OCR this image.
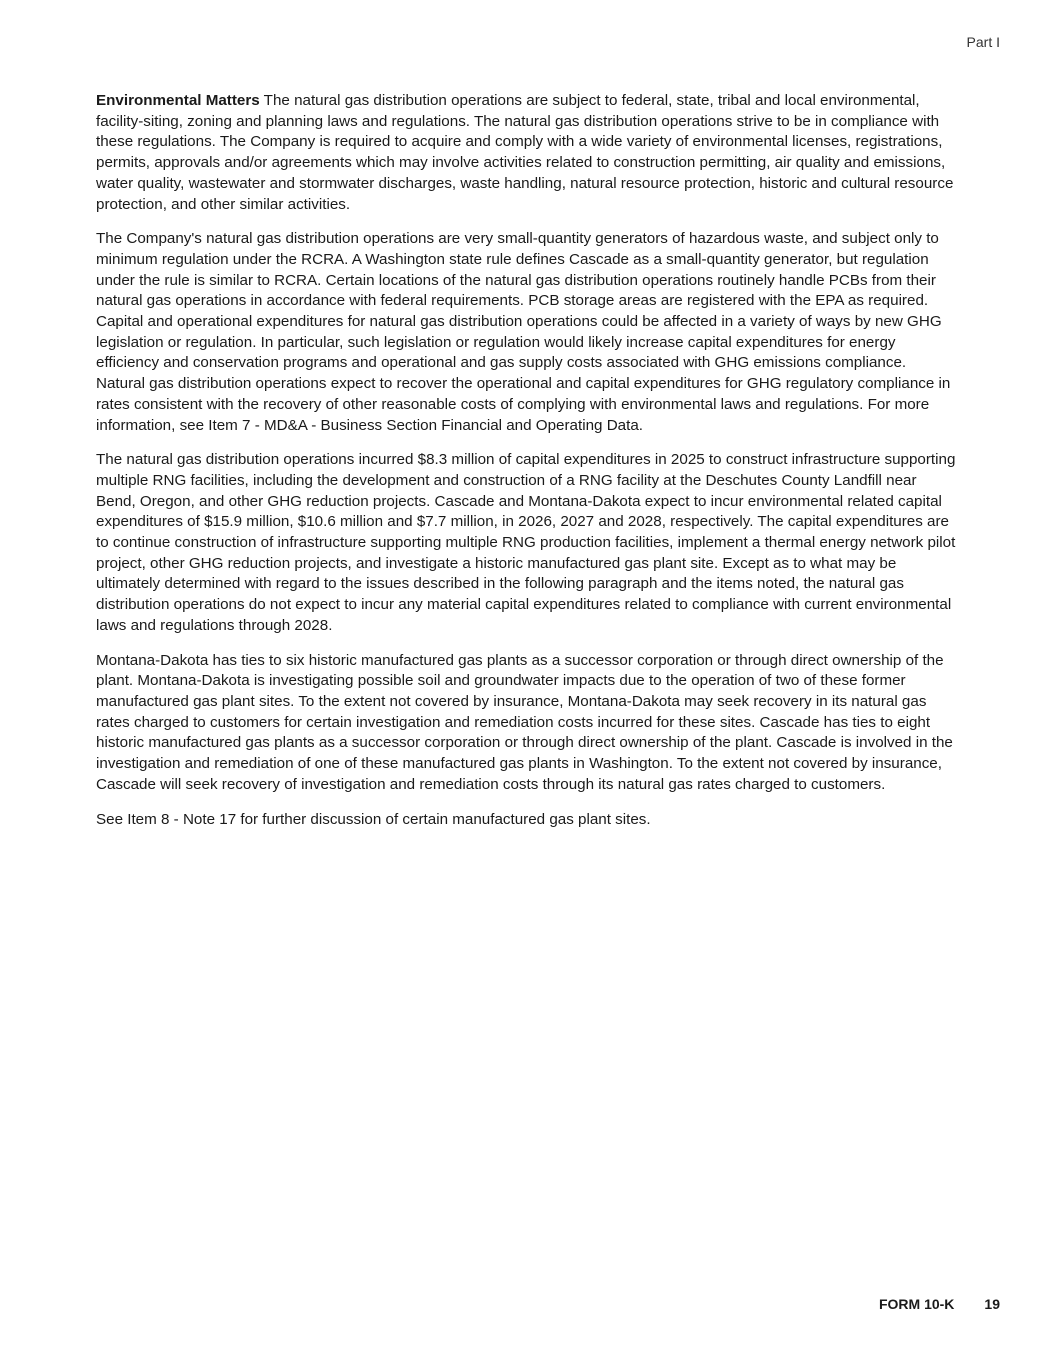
Part I

Environmental Matters The natural gas distribution operations are subject to federal, state, tribal and local environmental, facility-siting, zoning and planning laws and regulations. The natural gas distribution operations strive to be in compliance with these regulations. The Company is required to acquire and comply with a wide variety of environmental licenses, registrations, permits, approvals and/or agreements which may involve activities related to construction permitting, air quality and emissions, water quality, wastewater and stormwater discharges, waste handling, natural resource protection, historic and cultural resource protection, and other similar activities.

The Company's natural gas distribution operations are very small-quantity generators of hazardous waste, and subject only to minimum regulation under the RCRA. A Washington state rule defines Cascade as a small-quantity generator, but regulation under the rule is similar to RCRA. Certain locations of the natural gas distribution operations routinely handle PCBs from their natural gas operations in accordance with federal requirements. PCB storage areas are registered with the EPA as required. Capital and operational expenditures for natural gas distribution operations could be affected in a variety of ways by new GHG legislation or regulation. In particular, such legislation or regulation would likely increase capital expenditures for energy efficiency and conservation programs and operational and gas supply costs associated with GHG emissions compliance. Natural gas distribution operations expect to recover the operational and capital expenditures for GHG regulatory compliance in rates consistent with the recovery of other reasonable costs of complying with environmental laws and regulations. For more information, see Item 7 - MD&A - Business Section Financial and Operating Data.

The natural gas distribution operations incurred $8.3 million of capital expenditures in 2025 to construct infrastructure supporting multiple RNG facilities, including the development and construction of a RNG facility at the Deschutes County Landfill near Bend, Oregon, and other GHG reduction projects. Cascade and Montana-Dakota expect to incur environmental related capital expenditures of $15.9 million, $10.6 million and $7.7 million, in 2026, 2027 and 2028, respectively. The capital expenditures are to continue construction of infrastructure supporting multiple RNG production facilities, implement a thermal energy network pilot project, other GHG reduction projects, and investigate a historic manufactured gas plant site. Except as to what may be ultimately determined with regard to the issues described in the following paragraph and the items noted, the natural gas distribution operations do not expect to incur any material capital expenditures related to compliance with current environmental laws and regulations through 2028.

Montana-Dakota has ties to six historic manufactured gas plants as a successor corporation or through direct ownership of the plant. Montana-Dakota is investigating possible soil and groundwater impacts due to the operation of two of these former manufactured gas plant sites. To the extent not covered by insurance, Montana-Dakota may seek recovery in its natural gas rates charged to customers for certain investigation and remediation costs incurred for these sites. Cascade has ties to eight historic manufactured gas plants as a successor corporation or through direct ownership of the plant. Cascade is involved in the investigation and remediation of one of these manufactured gas plants in Washington. To the extent not covered by insurance, Cascade will seek recovery of investigation and remediation costs through its natural gas rates charged to customers.

See Item 8 - Note 17 for further discussion of certain manufactured gas plant sites.

FORM 10-K 19
